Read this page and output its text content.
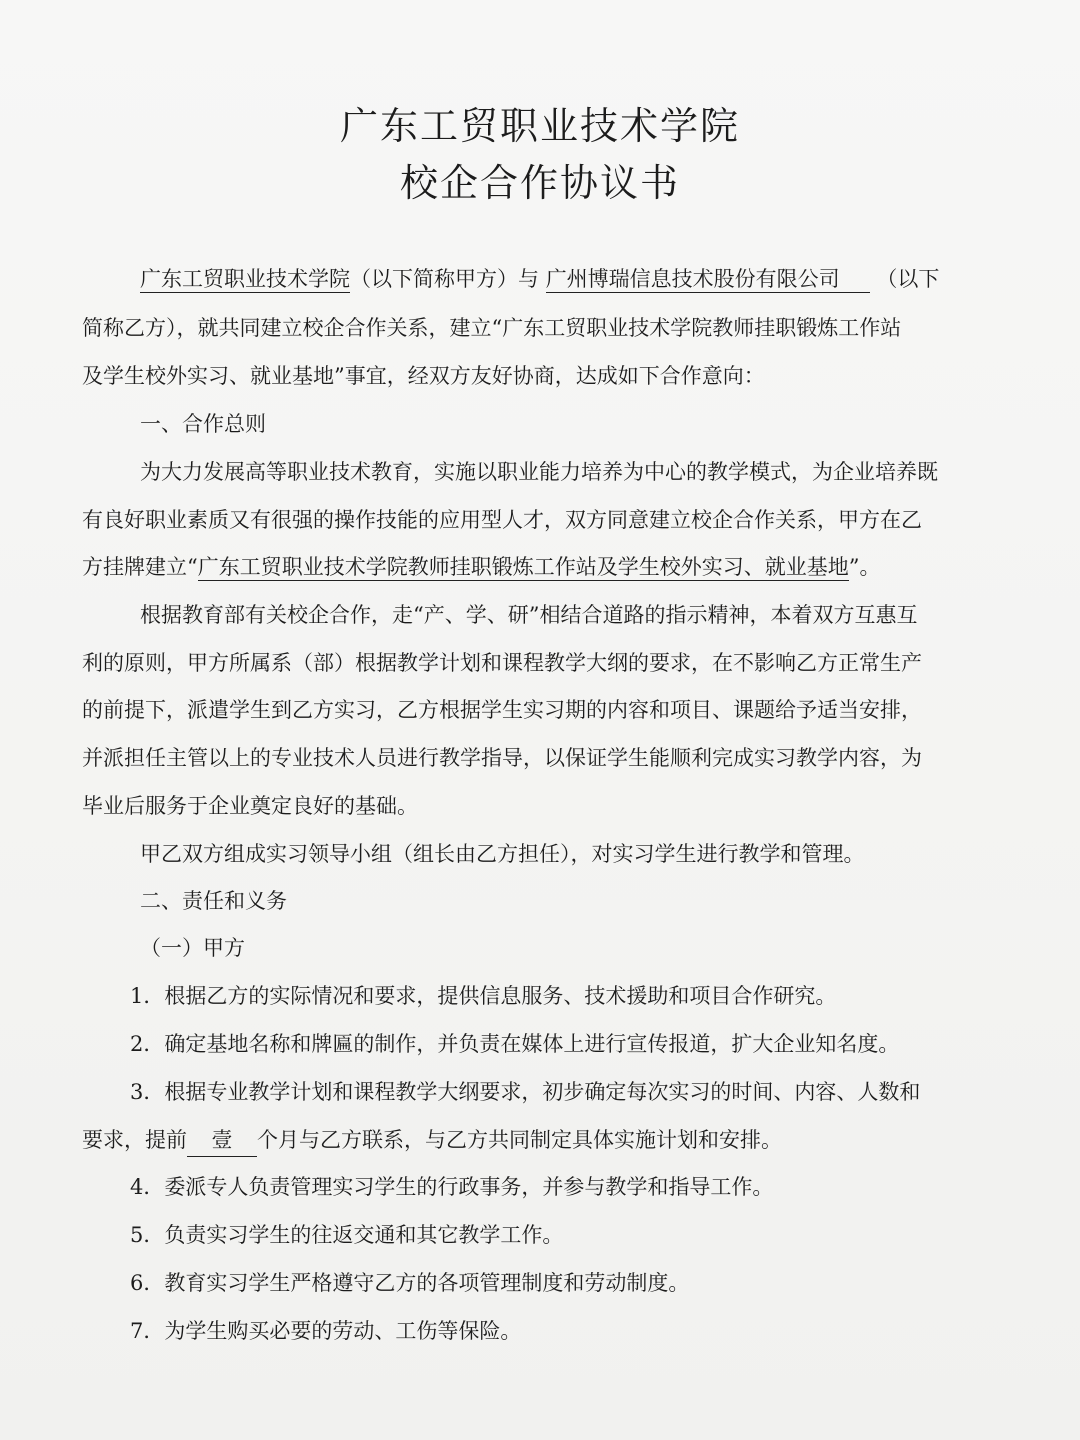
广东工贸职业技术学院
校企合作协议书
广东工贸职业技术学院（以下简称甲方）与 广州博瑞信息技术股份有限公司 （以下
简称乙方），就共同建立校企合作关系，建立“广东工贸职业技术学院教师挂职锻炼工作站
及学生校外实习、就业基地”事宜，经双方友好协商，达成如下合作意向：
一、合作总则
为大力发展高等职业技术教育，实施以职业能力培养为中心的教学模式，为企业培养既
有良好职业素质又有很强的操作技能的应用型人才，双方同意建立校企合作关系，甲方在乙
方挂牌建立“广东工贸职业技术学院教师挂职锻炼工作站及学生校外实习、就业基地”。
根据教育部有关校企合作，走“产、学、研”相结合道路的指示精神，本着双方互惠互
利的原则，甲方所属系（部）根据教学计划和课程教学大纲的要求，在不影响乙方正常生产
的前提下，派遣学生到乙方实习，乙方根据学生实习期的内容和项目、课题给予适当安排，
并派担任主管以上的专业技术人员进行教学指导，以保证学生能顺利完成实习教学内容，为
毕业后服务于企业奠定良好的基础。
甲乙双方组成实习领导小组（组长由乙方担任），对实习学生进行教学和管理。
二、责任和义务
（一）甲方
1．根据乙方的实际情况和要求，提供信息服务、技术援助和项目合作研究。
2．确定基地名称和牌匾的制作，并负责在媒体上进行宣传报道，扩大企业知名度。
3．根据专业教学计划和课程教学大纲要求，初步确定每次实习的时间、内容、人数和
要求，提前 壹 个月与乙方联系，与乙方共同制定具体实施计划和安排。
4．委派专人负责管理实习学生的行政事务，并参与教学和指导工作。
5．负责实习学生的往返交通和其它教学工作。
6．教育实习学生严格遵守乙方的各项管理制度和劳动制度。
7．为学生购买必要的劳动、工伤等保险。
